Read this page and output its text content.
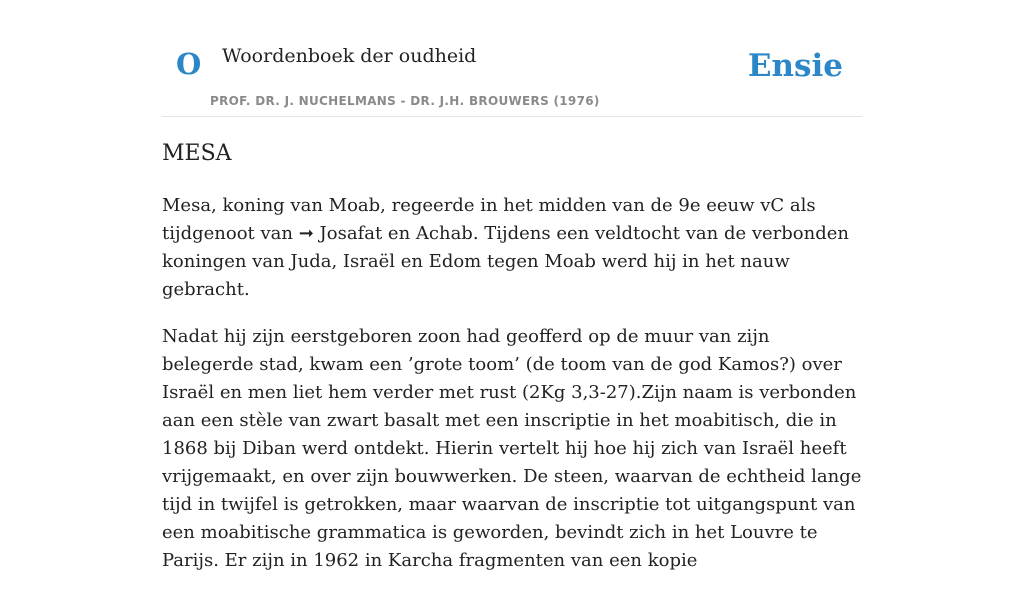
O Woordenboek der oudheid
PROF. DR. J. NUCHELMANS - DR. J.H. BROUWERS (1976)
Ensie
MESA

Mesa, koning van Moab, regeerde in het midden van de 9e eeuw vC als tijdgenoot van ➞ Josafat en Achab. Tijdens een veldtocht van de verbonden koningen van Juda, Israël en Edom tegen Moab werd hij in het nauw gebracht.

Nadat hij zijn eerstgeboren zoon had geofferd op de muur van zijn belegerde stad, kwam een ’grote toom’ (de toom van de god Kamos?) over Israël en men liet hem verder met rust (2Kg 3,3-27).Zijn naam is verbonden aan een stèle van zwart basalt met een inscriptie in het moabitisch, die in 1868 bij Diban werd ontdekt. Hierin vertelt hij hoe hij zich van Israël heeft vrijgemaakt, en over zijn bouwwerken. De steen, waarvan de echtheid lange tijd in twijfel is getrokken, maar waarvan de inscriptie tot uitgangspunt van een moabitische grammatica is geworden, bevindt zich in het Louvre te Parijs. Er zijn in 1962 in Karcha fragmenten van een kopie
